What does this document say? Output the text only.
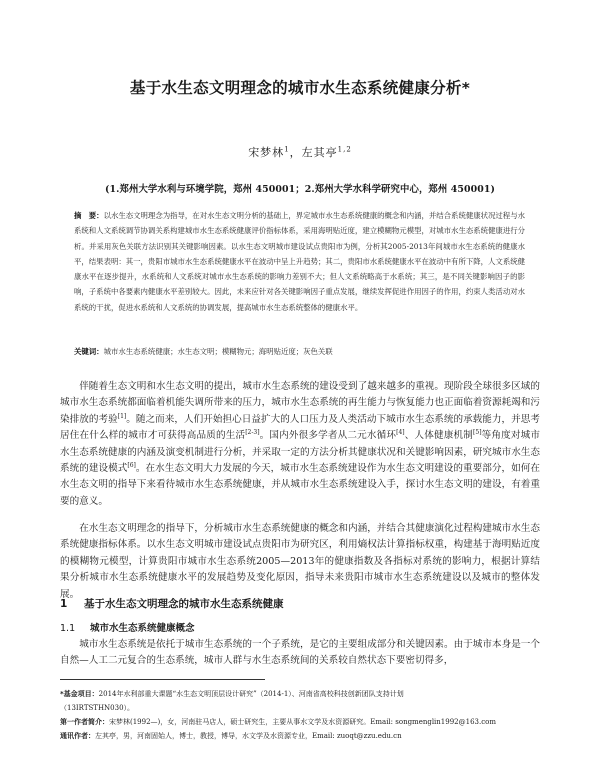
基于水生态文明理念的城市水生态系统健康分析*
宋梦林$^1$，左其亭$^{1,2}$
(1.郑州大学水利与环境学院，郑州 450001；2.郑州大学水科学研究中心，郑州 450001)
摘　要：以水生态文明理念为指导，在对水生态文明分析的基础上，界定城市水生态系统健康的概念和内涵，并结合系统健康状况过程与水系统和人文系统调节协调关系构建城市水生态系统健康评价指标体系，采用海明贴近度，建立模糊物元模型，对城市水生态系统健康进行分析。并采用灰色关联方法识别其关键影响因素。以水生态文明城市建设试点贵阳市为例，分析其2005-2013年间城市水生态系统的健康水平，结果表明：其一，贵阳市城市水生态系统健康水平在波动中呈上升趋势；其二，贵阳市水系统健康水平在波动中有所下降，人文系统健康水平在逐步提升，水系统和人文系统对城市水生态系统的影响力差别不大；但人文系统略高于水系统；其三，是不同关键影响因子的影响，子系统中各要素内健康水平差别较大。因此，未来应针对各关键影响因子重点发展，继续发挥促进作用因子的作用，约束人类活动对水系统的干扰，促进水系统和人文系统的协调发展，提高城市水生态系统整体的健康水平。
关键词：城市水生态系统健康；水生态文明；模糊物元；海明贴近度；灰色关联

伴随着生态文明和水生态文明的提出，城市水生态系统的建设受到了越来越多的重视。现阶段全球很多区域的城市水生态系统都面临着机能失调所带来的压力，城市水生态系统的再生能力与恢复能力也正面临着资源耗竭和污染排放的考验[1]。随之而来，人们开始担心日益扩大的人口压力及人类活动下城市水生态系统的承载能力，并思考居住在什么样的城市才可获得高品质的生活[2-3]。国内外很多学者从二元水循环[4]、人体健康机制[5]等角度对城市水生态系统健康的内涵及演变机制进行分析，并采取一定的方法分析其健康状况和关键影响因素，研究城市水生态系统的建设模式[6]。在水生态文明大力发展的今天，城市水生态系统建设作为水生态文明建设的重要部分，如何在水生态文明的指导下来看待城市水生态系统健康，并从城市水生态系统建设入手，探讨水生态文明的建设，有着重要的意义。

在水生态文明理念的指导下，分析城市水生态系统健康的概念和内涵，并结合其健康演化过程构建城市水生态系统健康指标体系。以水生态文明城市建设试点贵阳市为研究区，利用熵权法计算指标权重，构建基于海明贴近度的模糊物元模型，计算贵阳市城市水生态系统2005—2013年的健康指数及各指标对系统的影响力，根据计算结果分析城市水生态系统健康水平的发展趋势及变化原因，指导未来贵阳市城市水生态系统建设以及城市的整体发展。

1 基于水生态文明理念的城市水生态系统健康
1.1 城市水生态系统健康概念

城市水生态系统是依托于城市生态系统的一个子系统，是它的主要组成部分和关键因素。由于城市本身是一个自然—人工二元复合的生态系统，城市人群与水生态系统间的关系较自然状态下要密切得多，

*基金项目：2014年水利部重大课题“水生态文明顶层设计研究”（2014-1）、河南省高校科技创新团队支持计划
（13IRTSTHN030）。
第一作者简介：宋梦林(1992—)，女，河南驻马店人，硕士研究生，主要从事水文学及水资源研究。Email: songmenglin1992@163.com
通讯作者：左其亭，男，河南固始人，博士，教授，博导，水文学及水资源专业，Email: zuoqt@zzu.edu.cn
